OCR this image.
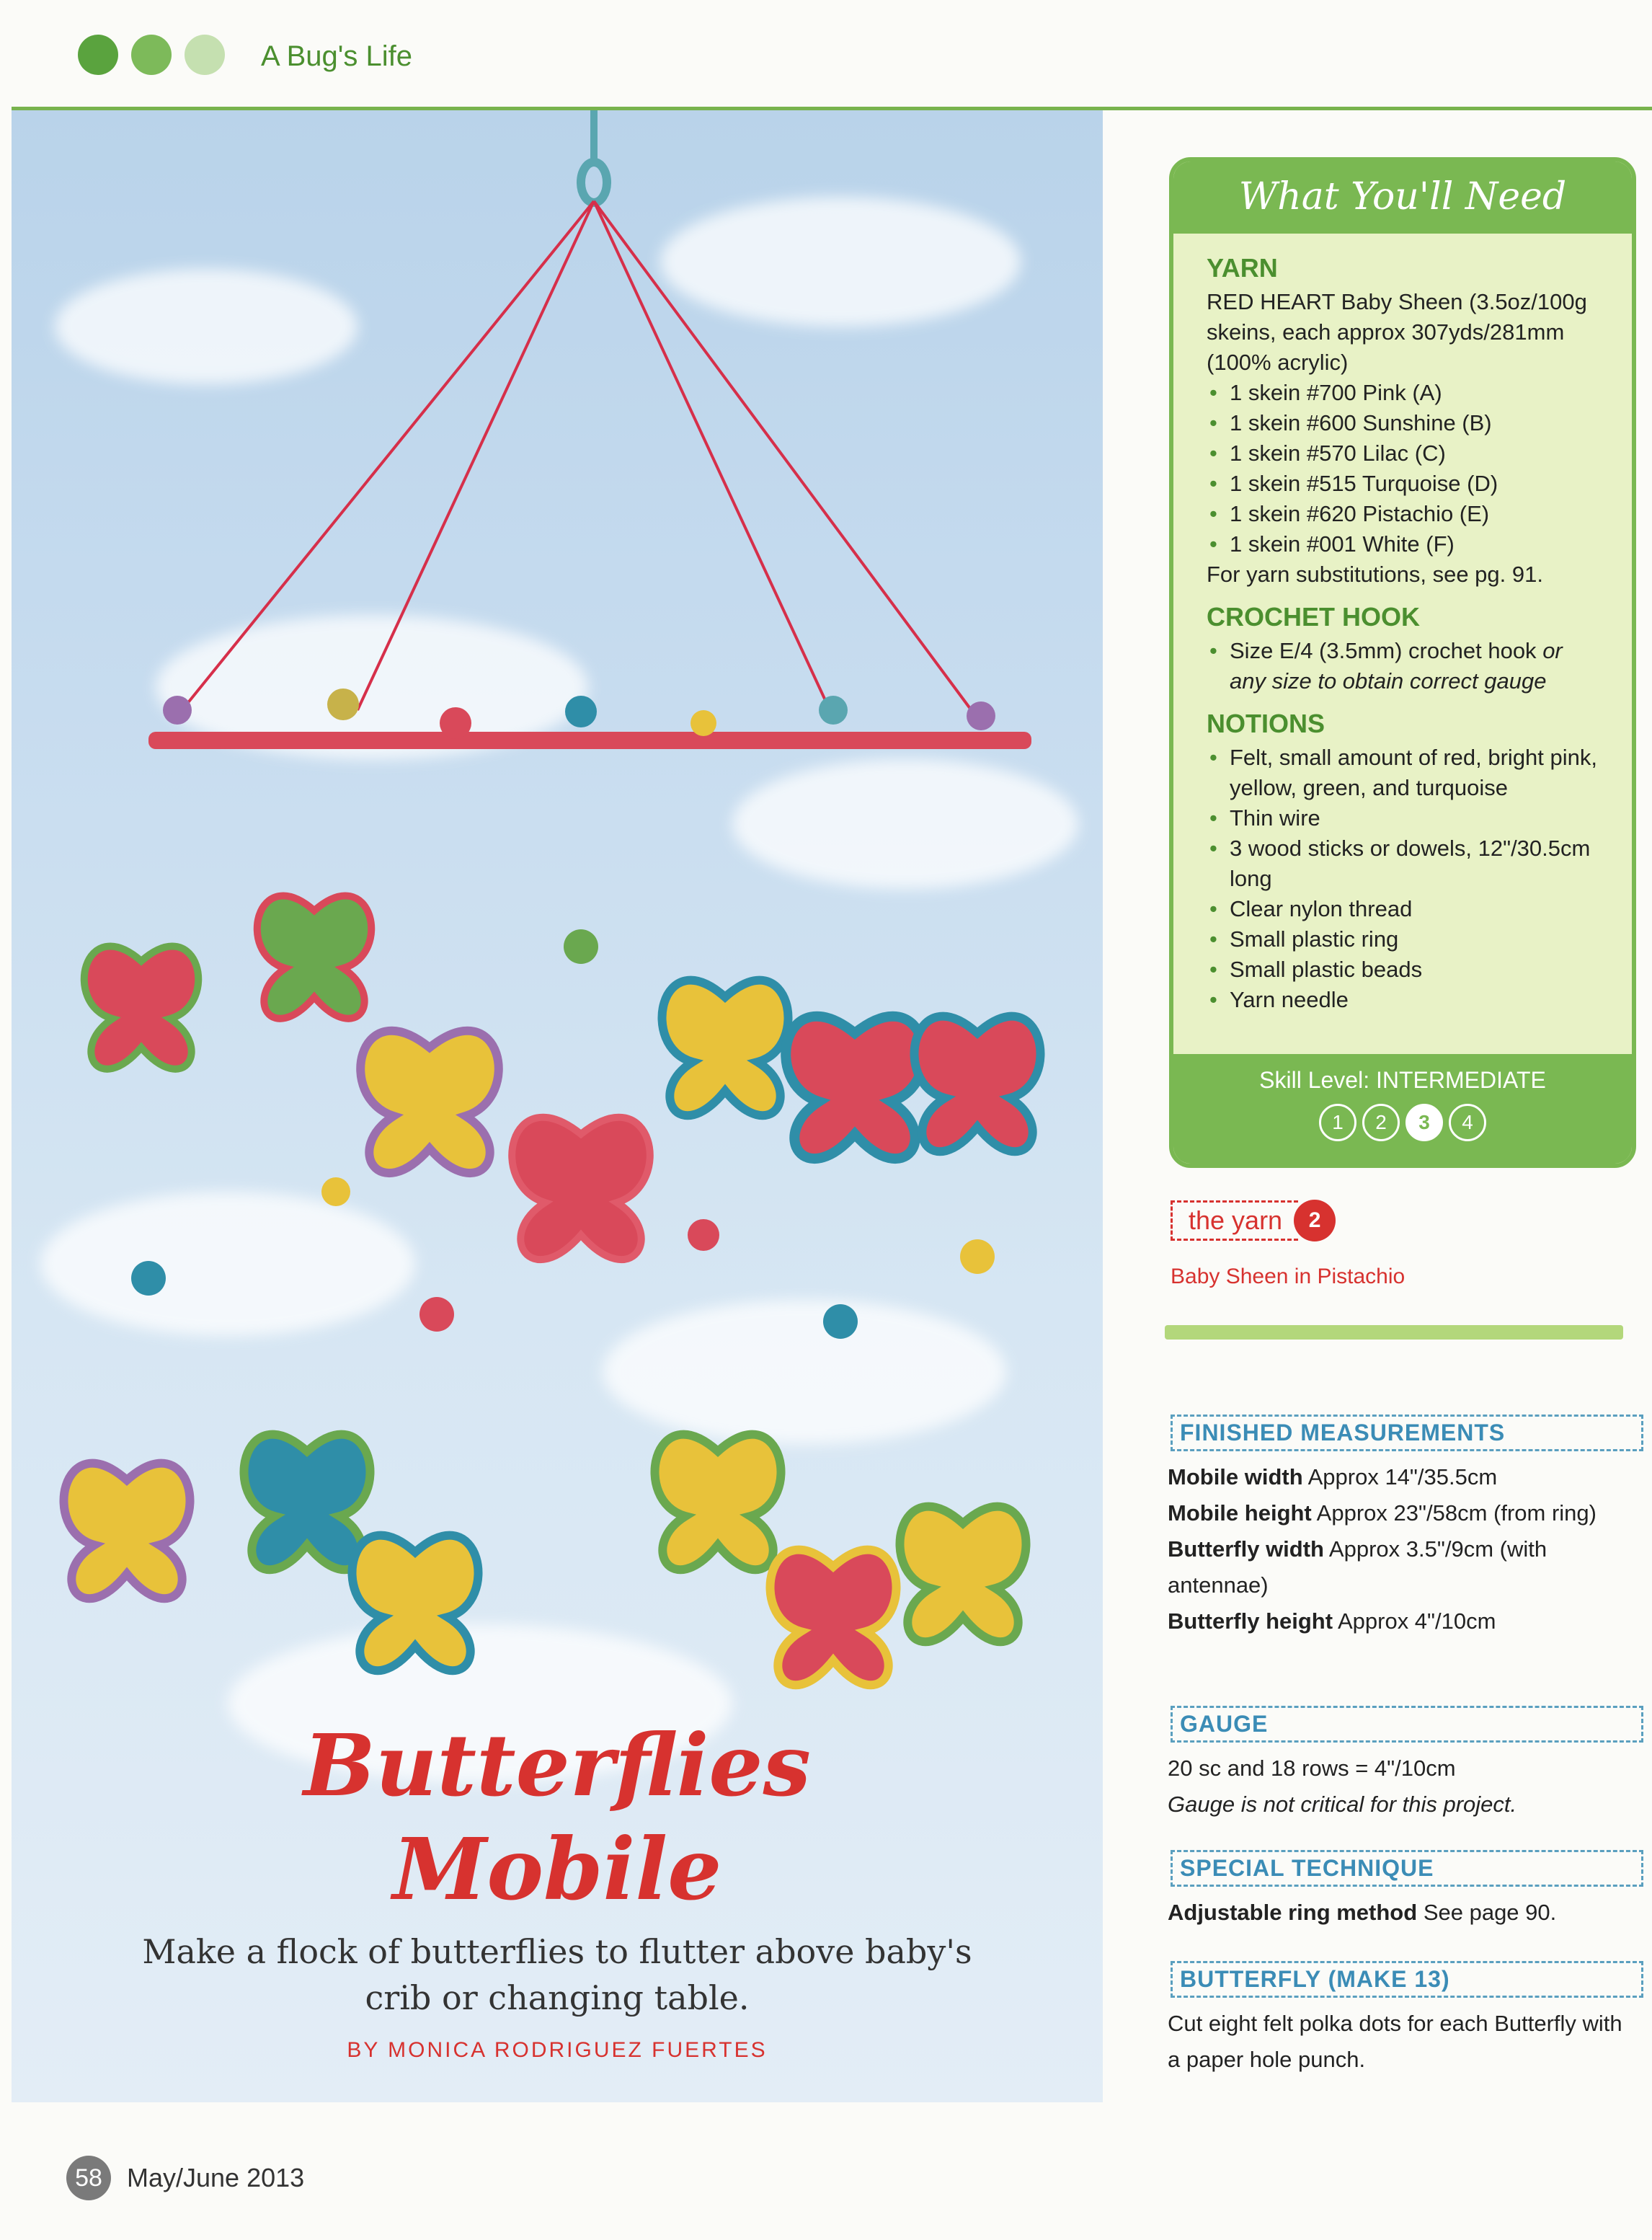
A Bug's Life
Butterflies
Mobile
Make a flock of butterflies to flutter above baby's crib or changing table.
BY MONICA RODRIGUEZ FUERTES
What You'll Need
YARN

RED HEART Baby Sheen (3.5oz/100g skeins, each approx 307yds/281mm (100% acrylic)

• 1 skein #700 Pink (A)
• 1 skein #600 Sunshine (B)
• 1 skein #570 Lilac (C)
• 1 skein #515 Turquoise (D)
• 1 skein #620 Pistachio (E)
• 1 skein #001 White (F)

For yarn substitutions, see pg. 91.

CROCHET HOOK
• Size E/4 (3.5mm) crochet hook or any size to obtain correct gauge
NOTIONS
• Felt, small amount of red, bright pink, yellow, green, and turquoise
• Thin wire
• 3 wood sticks or dowels, 12"/30.5cm long
• Clear nylon thread
• Small plastic ring
• Small plastic beads
• Yarn needle
Skill Level: INTERMEDIATE
1	2	3	4
the yarn	2
Baby Sheen in Pistachio
FINISHED MEASUREMENTS
Mobile width Approx 14"/35.5cm
Mobile height Approx 23"/58cm (from ring)
Butterfly width Approx 3.5"/9cm (with antennae)
Butterfly height Approx 4"/10cm
GAUGE
20 sc and 18 rows = 4"/10cm
Gauge is not critical for this project.
SPECIAL TECHNIQUE
Adjustable ring method See page 90.
BUTTERFLY (MAKE 13)
Cut eight felt polka dots for each Butterfly with a paper hole punch.
58 May/June 2013
